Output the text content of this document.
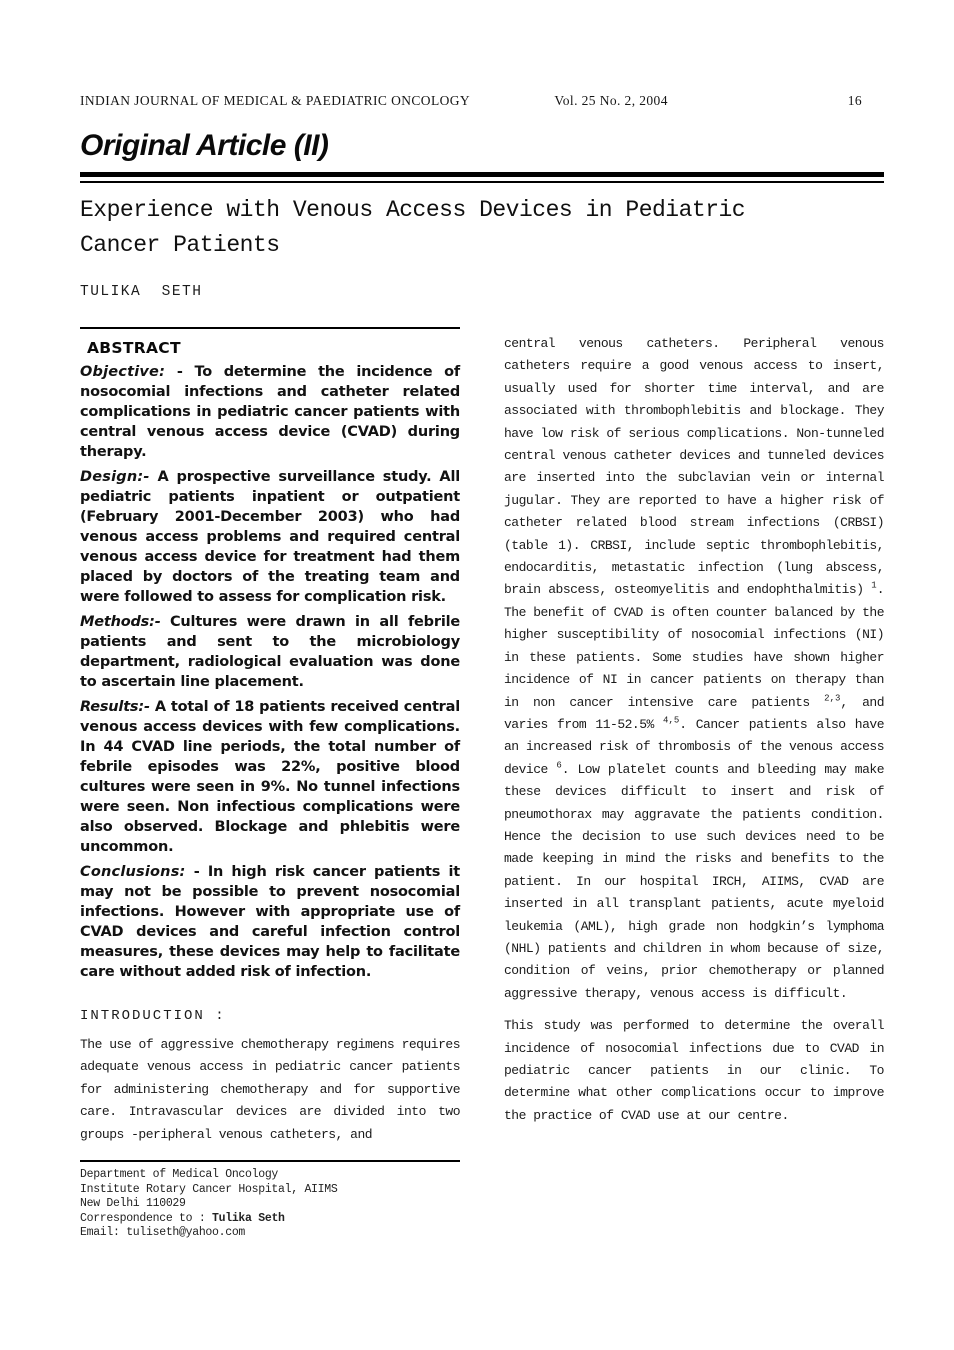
INDIAN JOURNAL OF MEDICAL & PAEDIATRIC ONCOLOGY	Vol. 25 No. 2, 2004	16
Original Article (II)
Experience with Venous Access Devices in Pediatric Cancer Patients
TULIKA  SETH
ABSTRACT

Objective: - To determine the incidence of nosocomial infections and catheter related complications in pediatric cancer patients with central venous access device (CVAD) during therapy.

Design:- A prospective surveillance study. All pediatric patients inpatient or outpatient (February 2001-December 2003) who had venous access problems and required central venous access device for treatment had them placed by doctors of the treating team and were followed to assess for complication risk.

Methods:- Cultures were drawn in all febrile patients and sent to the microbiology department, radiological evaluation was done to ascertain line placement.

Results:- A total of 18 patients received central venous access devices with few complications. In 44 CVAD line periods, the total number of febrile episodes was 22%, positive blood cultures were seen in 9%. No tunnel infections were seen. Non infectious complications were also observed. Blockage and phlebitis were uncommon.

Conclusions: - In high risk cancer patients it may not be possible to prevent nosocomial infections. However with appropriate use of CVAD devices and careful infection control measures, these devices may help to facilitate care without added risk of infection.

INTRODUCTION :
The use of aggressive chemotherapy regimens requires adequate venous access in pediatric cancer patients for administering chemotherapy and for supportive care. Intravascular devices are divided into two groups -peripheral venous catheters, and
Department of Medical Oncology
Institute Rotary Cancer Hospital, AIIMS
New Delhi 110029
Correspondence to : Tulika Seth
Email: tuliseth@yahoo.com
central venous catheters. Peripheral venous catheters require a good venous access to insert, usually used for shorter time interval, and are associated with thrombophlebitis and blockage. They have low risk of serious complications. Non-tunneled central venous catheter devices and tunneled devices are inserted into the subclavian vein or internal jugular. They are reported to have a higher risk of catheter related blood stream infections (CRBSI) (table 1). CRBSI, include septic thrombophlebitis, endocarditis, metastatic infection (lung abscess, brain abscess, osteomyelitis and endophthalmitis) $^1$. The benefit of CVAD is often counter balanced by the higher susceptibility of nosocomial infections (NI) in these patients. Some studies have shown higher incidence of NI in cancer patients on therapy than in non cancer intensive care patients $^{2,3}$, and varies from 11-52.5% $^{4,5}$. Cancer patients also have an increased risk of thrombosis of the venous access device $^6$. Low platelet counts and bleeding may make these devices difficult to insert and risk of pneumothorax may aggravate the patients condition. Hence the decision to use such devices need to be made keeping in mind the risks and benefits to the patient. In our hospital IRCH, AIIMS, CVAD are inserted in all transplant patients, acute myeloid leukemia (AML), high grade non hodgkin’s lymphoma (NHL) patients and children in whom because of size, condition of veins, prior chemotherapy or planned aggressive therapy, venous access is difficult.
This study was performed to determine the overall incidence of nosocomial infections due to CVAD in pediatric cancer patients in our clinic. To determine what other complications occur to improve the practice of CVAD use at our centre.
